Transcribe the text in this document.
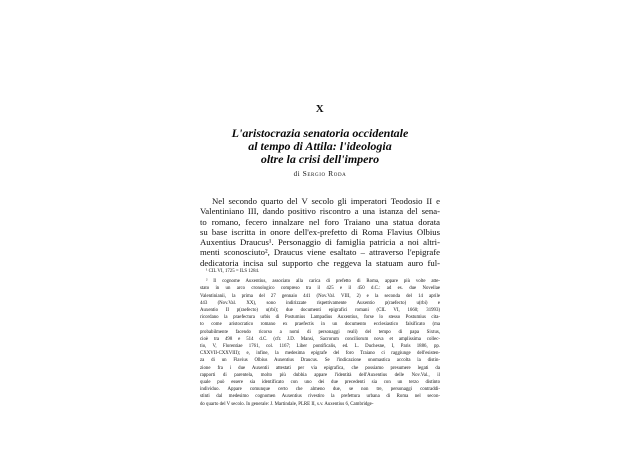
X
L'aristocrazia senatoria occidentale
al tempo di Attila: l'ideologia
oltre la crisi dell'impero
di Sergio Roda
Nel secondo quarto del V secolo gli imperatori Teodosio II e
Valentiniano III, dando positivo riscontro a una istanza del sena-
to romano, fecero innalzare nel foro Traiano una statua dorata
su base iscritta in onore dell'ex-prefetto di Roma Flavius Olbius
Auxentius Draucus¹. Personaggio di famiglia patricia a noi altri-
menti sconosciuto², Draucus viene esaltato – attraverso l'epigrafe
dedicatoria incisa sul supporto che reggeva la statuam auro ful-
¹ CIL VI, 1725 = ILS 1284.
² Il cognome Auxentius, associato alla carica di prefetto di Roma, appare più volte atte-
stato in un arco cronologico compreso tra il 425 e il 450 d.C.: ad es. due Novellae
Valentinianii, la prima del 27 gennaio 441 (Nov.Val. VIII, 2) e la seconda del 14 aprile
443 (Nov.Val. XX), sono indirizzate rispettivamente Auxentio p(raefecto) u(rbi) e
Auxentio II p(raefecto) u(rbi); due documenti epigrafici romani (CIL VI, 1660; 31993)
ricordano la praefectura urbis di Postumius Lampadius Auxentius, forse lo stesso Postumius cita-
to come aristocratico romano ex praefectis in un documento ecclesiastico falsificato (ma
probabilmente facendo ricorso a nomi di personaggi reali) del tempo di papa Sixtus,
cioè tra 498 e 514 d.C. (cfr. J.D. Mansi, Sacrorum conciliorum nova et amplissima collec-
tio, V, Florentiae 1761, col. 1167; Liber pontificalis, ed. L. Duchesne, I, Paris 1886, pp.
CXXVII-CXXVIII); e, infine, la medesima epigrafe del foro Traiano ci raggiunge dell'esisten-
za di un Flavius Olbius Auxentius Draucus. Se l'indicazione onomastica accolta la distin-
zione fra i due Auxentii attestati per via epigrafica, che possiamo presumere legati da
rapporti di parentela, molto più dubbia appare l'identità dell'Auxentius delle Nov.Val., il
quale può essere sia identificato con uno dei due precedenti sia con un terzo distinto
individuo. Appare comunque certo che almeno due, se non tre, personaggi contraddi-
stinti dal medesimo cognomen Auxentius rivestiro la prefettura urbana di Roma nel secon-
do quarto del V secolo. In generale: J. Martindale, PLRE II, s.v. Auxentius 6, Cambridge-
